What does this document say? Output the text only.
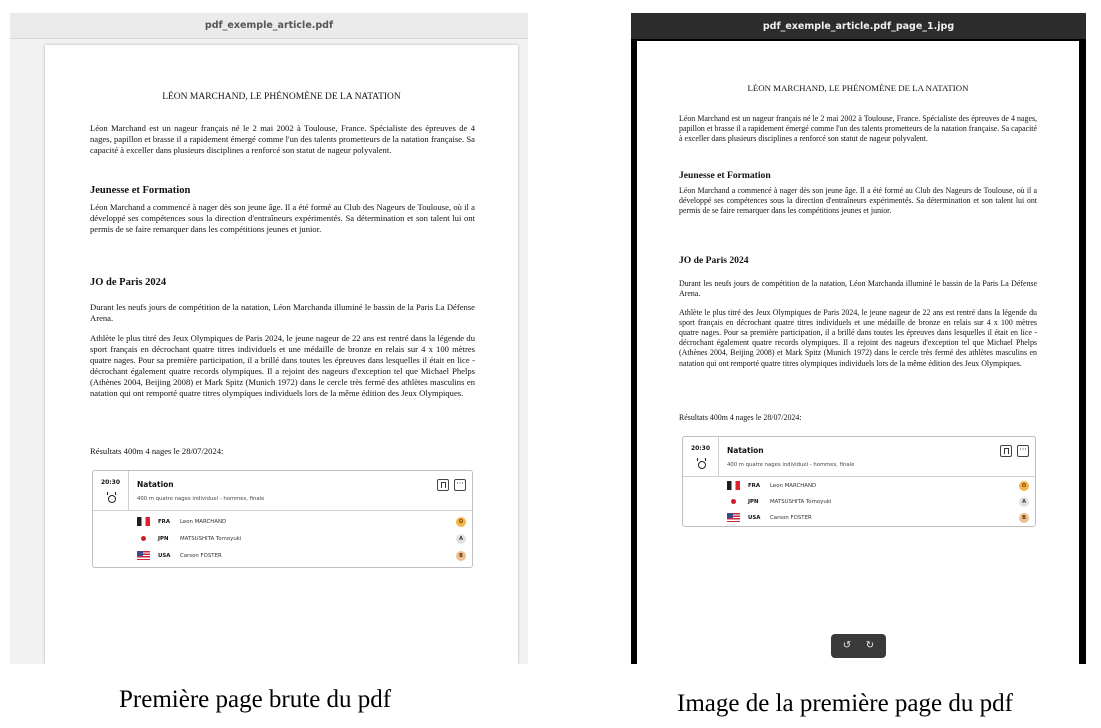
pdf_exemple_article.pdf
LÉON MARCHAND, LE PHÉNOMÈNE DE LA NATATION
Léon Marchand est un nageur français né le 2 mai 2002 à Toulouse, France. Spécialiste des épreuves de 4 nages, papillon et brasse il a rapidement émergé comme l'un des talents prometteurs de la natation française. Sa capacité à exceller dans plusieurs disciplines a renforcé son statut de nageur polyvalent.
Jeunesse et Formation
Léon Marchand a commencé à nager dès son jeune âge. Il a été formé au Club des Nageurs de Toulouse, où il a développé ses compétences sous la direction d'entraîneurs expérimentés. Sa détermination et son talent lui ont permis de se faire remarquer dans les compétitions jeunes et junior.
JO de Paris 2024
Durant les neufs jours de compétition de la natation, Léon Marchanda illuminé le bassin de la Paris La Défense Arena.
Athlète le plus titré des Jeux Olympiques de Paris 2024, le jeune nageur de 22 ans est rentré dans la légende du sport français en décrochant quatre titres individuels et une médaille de bronze en relais sur 4 x 100 mètres quatre nages. Pour sa première participation, il a brillé dans toutes les épreuves dans lesquelles il était en lice - décrochant également quatre records olympiques. Il a rejoint des nageurs d'exception tel que Michael Phelps (Athènes 2004, Beijing 2008) et Mark Spitz (Munich 1972) dans le cercle très fermé des athlètes masculins en natation qui ont remporté quatre titres olympiques individuels lors de la même édition des Jeux Olympiques.
Résultats 400m 4 nages le 28/07/2024:
20:30	Natation
400 m quatre nages individuel - hommes, finale
···
FRA	Leon MARCHAND	O
JPN	MATSUSHITA Tomoyuki	A
USA	Carson FOSTER	B
pdf_exemple_article.pdf_page_1.jpg
LÉON MARCHAND, LE PHÉNOMÈNE DE LA NATATION
Léon Marchand est un nageur français né le 2 mai 2002 à Toulouse, France. Spécialiste des épreuves de 4 nages, papillon et brasse il a rapidement émergé comme l'un des talents prometteurs de la natation française. Sa capacité à exceller dans plusieurs disciplines a renforcé son statut de nageur polyvalent.
Jeunesse et Formation
Léon Marchand a commencé à nager dès son jeune âge. Il a été formé au Club des Nageurs de Toulouse, où il a développé ses compétences sous la direction d'entraîneurs expérimentés. Sa détermination et son talent lui ont permis de se faire remarquer dans les compétitions jeunes et junior.
JO de Paris 2024
Durant les neufs jours de compétition de la natation, Léon Marchanda illuminé le bassin de la Paris La Défense Arena.
Athlète le plus titré des Jeux Olympiques de Paris 2024, le jeune nageur de 22 ans est rentré dans la légende du sport français en décrochant quatre titres individuels et une médaille de bronze en relais sur 4 x 100 mètres quatre nages. Pour sa première participation, il a brillé dans toutes les épreuves dans lesquelles il était en lice - décrochant également quatre records olympiques. Il a rejoint des nageurs d'exception tel que Michael Phelps (Athènes 2004, Beijing 2008) et Mark Spitz (Munich 1972) dans le cercle très fermé des athlètes masculins en natation qui ont remporté quatre titres olympiques individuels lors de la même édition des Jeux Olympiques.
Résultats 400m 4 nages le 28/07/2024:
20:30	Natation
400 m quatre nages individuel - hommes, finale
···
FRA	Leon MARCHAND	O
JPN	MATSUSHITA Tomoyuki	A
USA	Carson FOSTER	B
↺ ↻
Première page brute du pdf	Image de la première page du pdf
